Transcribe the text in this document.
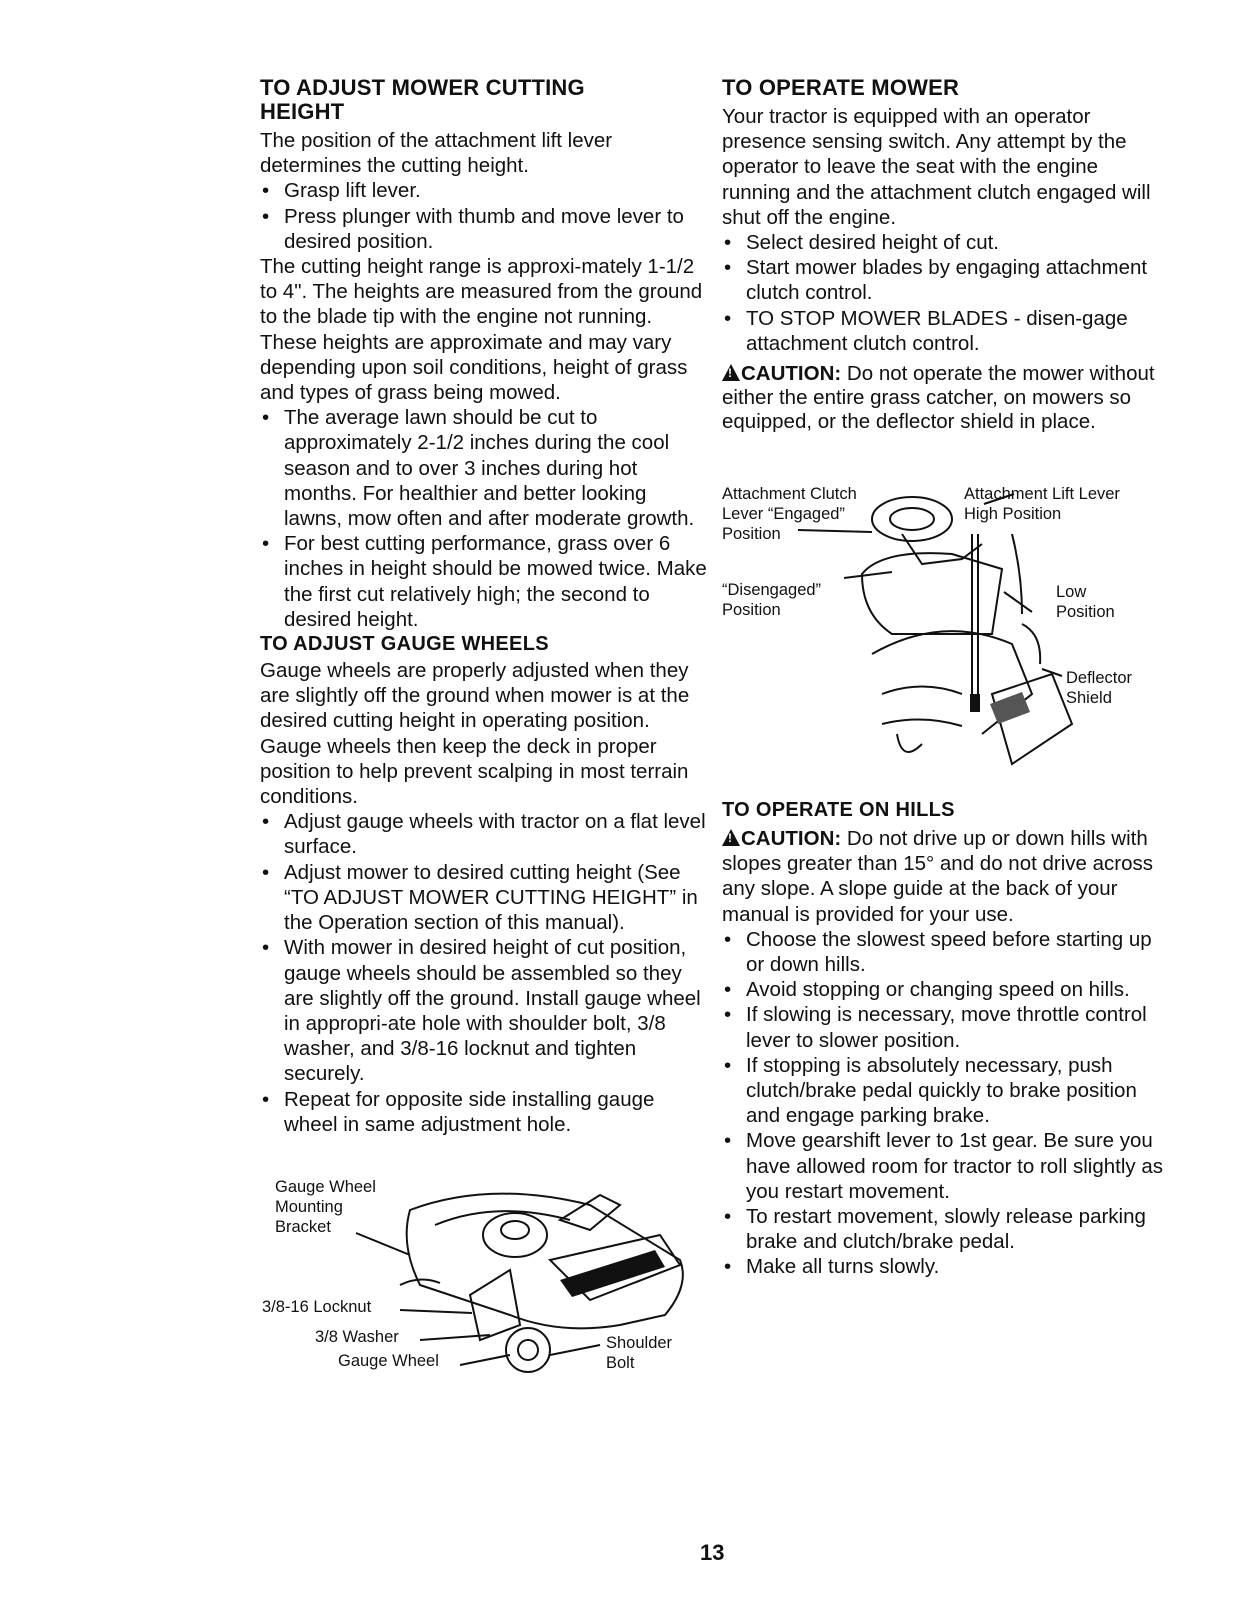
TO ADJUST MOWER CUTTING HEIGHT

The position of the attachment lift lever determines the cutting height.

• Grasp lift lever.
• Press plunger with thumb and move lever to desired position.

The cutting height range is approxi-mately 1-1/2 to 4". The heights are measured from the ground to the blade tip with the engine not running. These heights are approximate and may vary depending upon soil conditions, height of grass and types of grass being mowed.

• The average lawn should be cut to approximately 2-1/2 inches during the cool season and to over 3 inches during hot months. For healthier and better looking lawns, mow often and after moderate growth.
• For best cutting performance, grass over 6 inches in height should be mowed twice. Make the first cut relatively high; the second to desired height.
TO ADJUST GAUGE WHEELS

Gauge wheels are properly adjusted when they are slightly off the ground when mower is at the desired cutting height in operating position. Gauge wheels then keep the deck in proper position to help prevent scalping in most terrain conditions.

• Adjust gauge wheels with tractor on a flat level surface.
• Adjust mower to desired cutting height (See “TO ADJUST MOWER CUTTING HEIGHT” in the Operation section of this manual).
• With mower in desired height of cut position, gauge wheels should be assembled so they are slightly off the ground. Install gauge wheel in appropri-ate hole with shoulder bolt, 3/8 washer, and 3/8-16 locknut and tighten securely.
• Repeat for opposite side installing gauge wheel in same adjustment hole.
Gauge Wheel
Mounting
Bracket
3/8-16 Locknut
3/8 Washer
Gauge Wheel
Shoulder
Bolt
TO OPERATE MOWER

Your tractor is equipped with an operator presence sensing switch. Any attempt by the operator to leave the seat with the engine running and the attachment clutch engaged will shut off the engine.

• Select desired height of cut.
• Start mower blades by engaging attachment clutch control.
• TO STOP MOWER BLADES - disen-gage attachment clutch control.
!CAUTION: Do not operate the mower without either the entire grass catcher, on mowers so equipped, or the deflector shield in place.
Attachment Clutch
Lever “Engaged”
Position
“Disengaged”
Position
Attachment Lift Lever
High Position
Low
Position
Deflector
Shield
TO OPERATE ON HILLS
!CAUTION: Do not drive up or down hills with slopes greater than 15° and do not drive across any slope. A slope guide at the back of your manual is provided for your use.
• Choose the slowest speed before starting up or down hills.
• Avoid stopping or changing speed on hills.
• If slowing is necessary, move throttle control lever to slower position.
• If stopping is absolutely necessary, push clutch/brake pedal quickly to brake position and engage parking brake.
• Move gearshift lever to 1st gear. Be sure you have allowed room for tractor to roll slightly as you restart movement.
• To restart movement, slowly release parking brake and clutch/brake pedal.
• Make all turns slowly.
13
